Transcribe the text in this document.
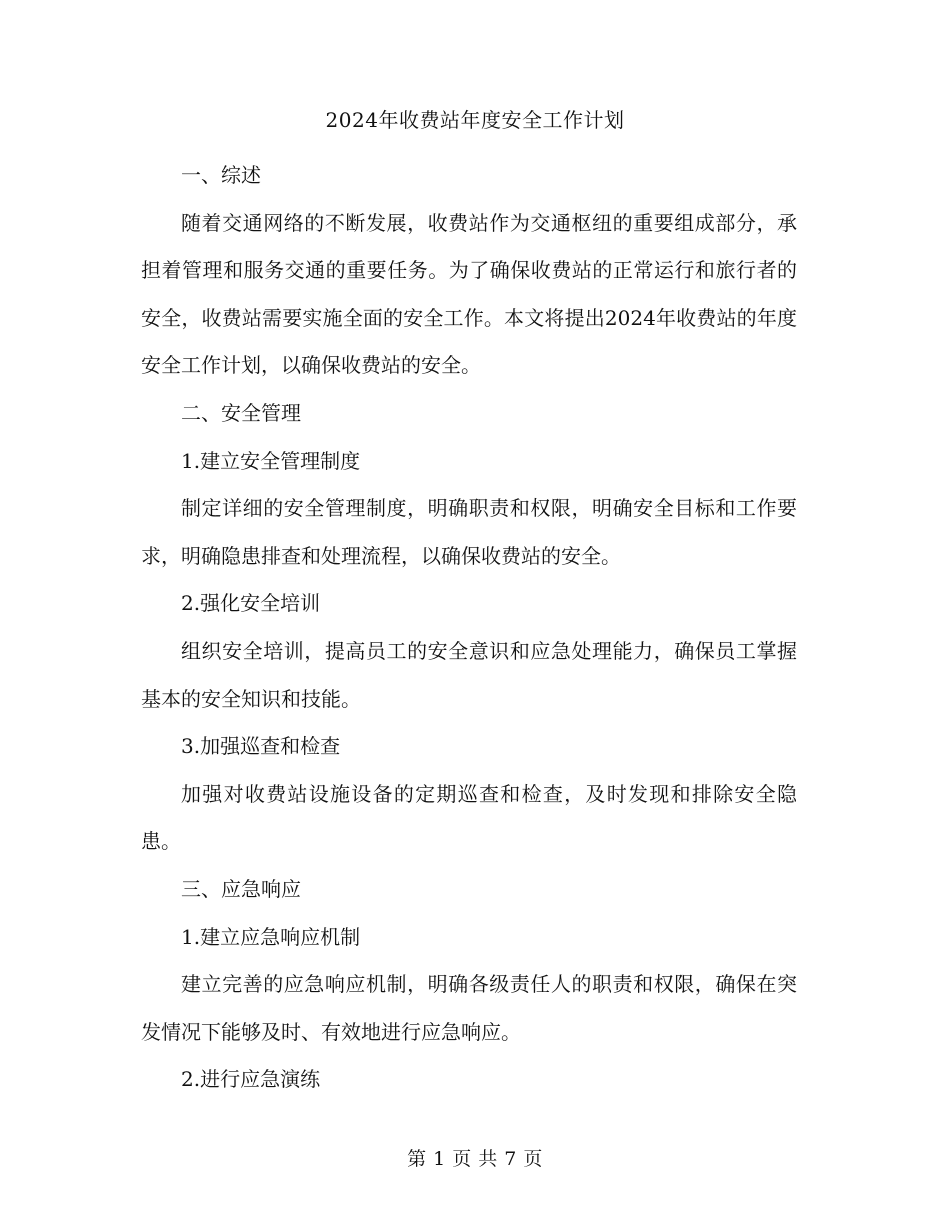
2024年收费站年度安全工作计划

一、综述

随着交通网络的不断发展，收费站作为交通枢纽的重要组成部分，承担着管理和服务交通的重要任务。为了确保收费站的正常运行和旅行者的安全，收费站需要实施全面的安全工作。本文将提出2024年收费站的年度安全工作计划，以确保收费站的安全。

二、安全管理

1.建立安全管理制度

制定详细的安全管理制度，明确职责和权限，明确安全目标和工作要求，明确隐患排查和处理流程，以确保收费站的安全。

2.强化安全培训

组织安全培训，提高员工的安全意识和应急处理能力，确保员工掌握基本的安全知识和技能。

3.加强巡查和检查

加强对收费站设施设备的定期巡查和检查，及时发现和排除安全隐患。

三、应急响应

1.建立应急响应机制

建立完善的应急响应机制，明确各级责任人的职责和权限，确保在突发情况下能够及时、有效地进行应急响应。

2.进行应急演练

第 1 页 共 7 页
